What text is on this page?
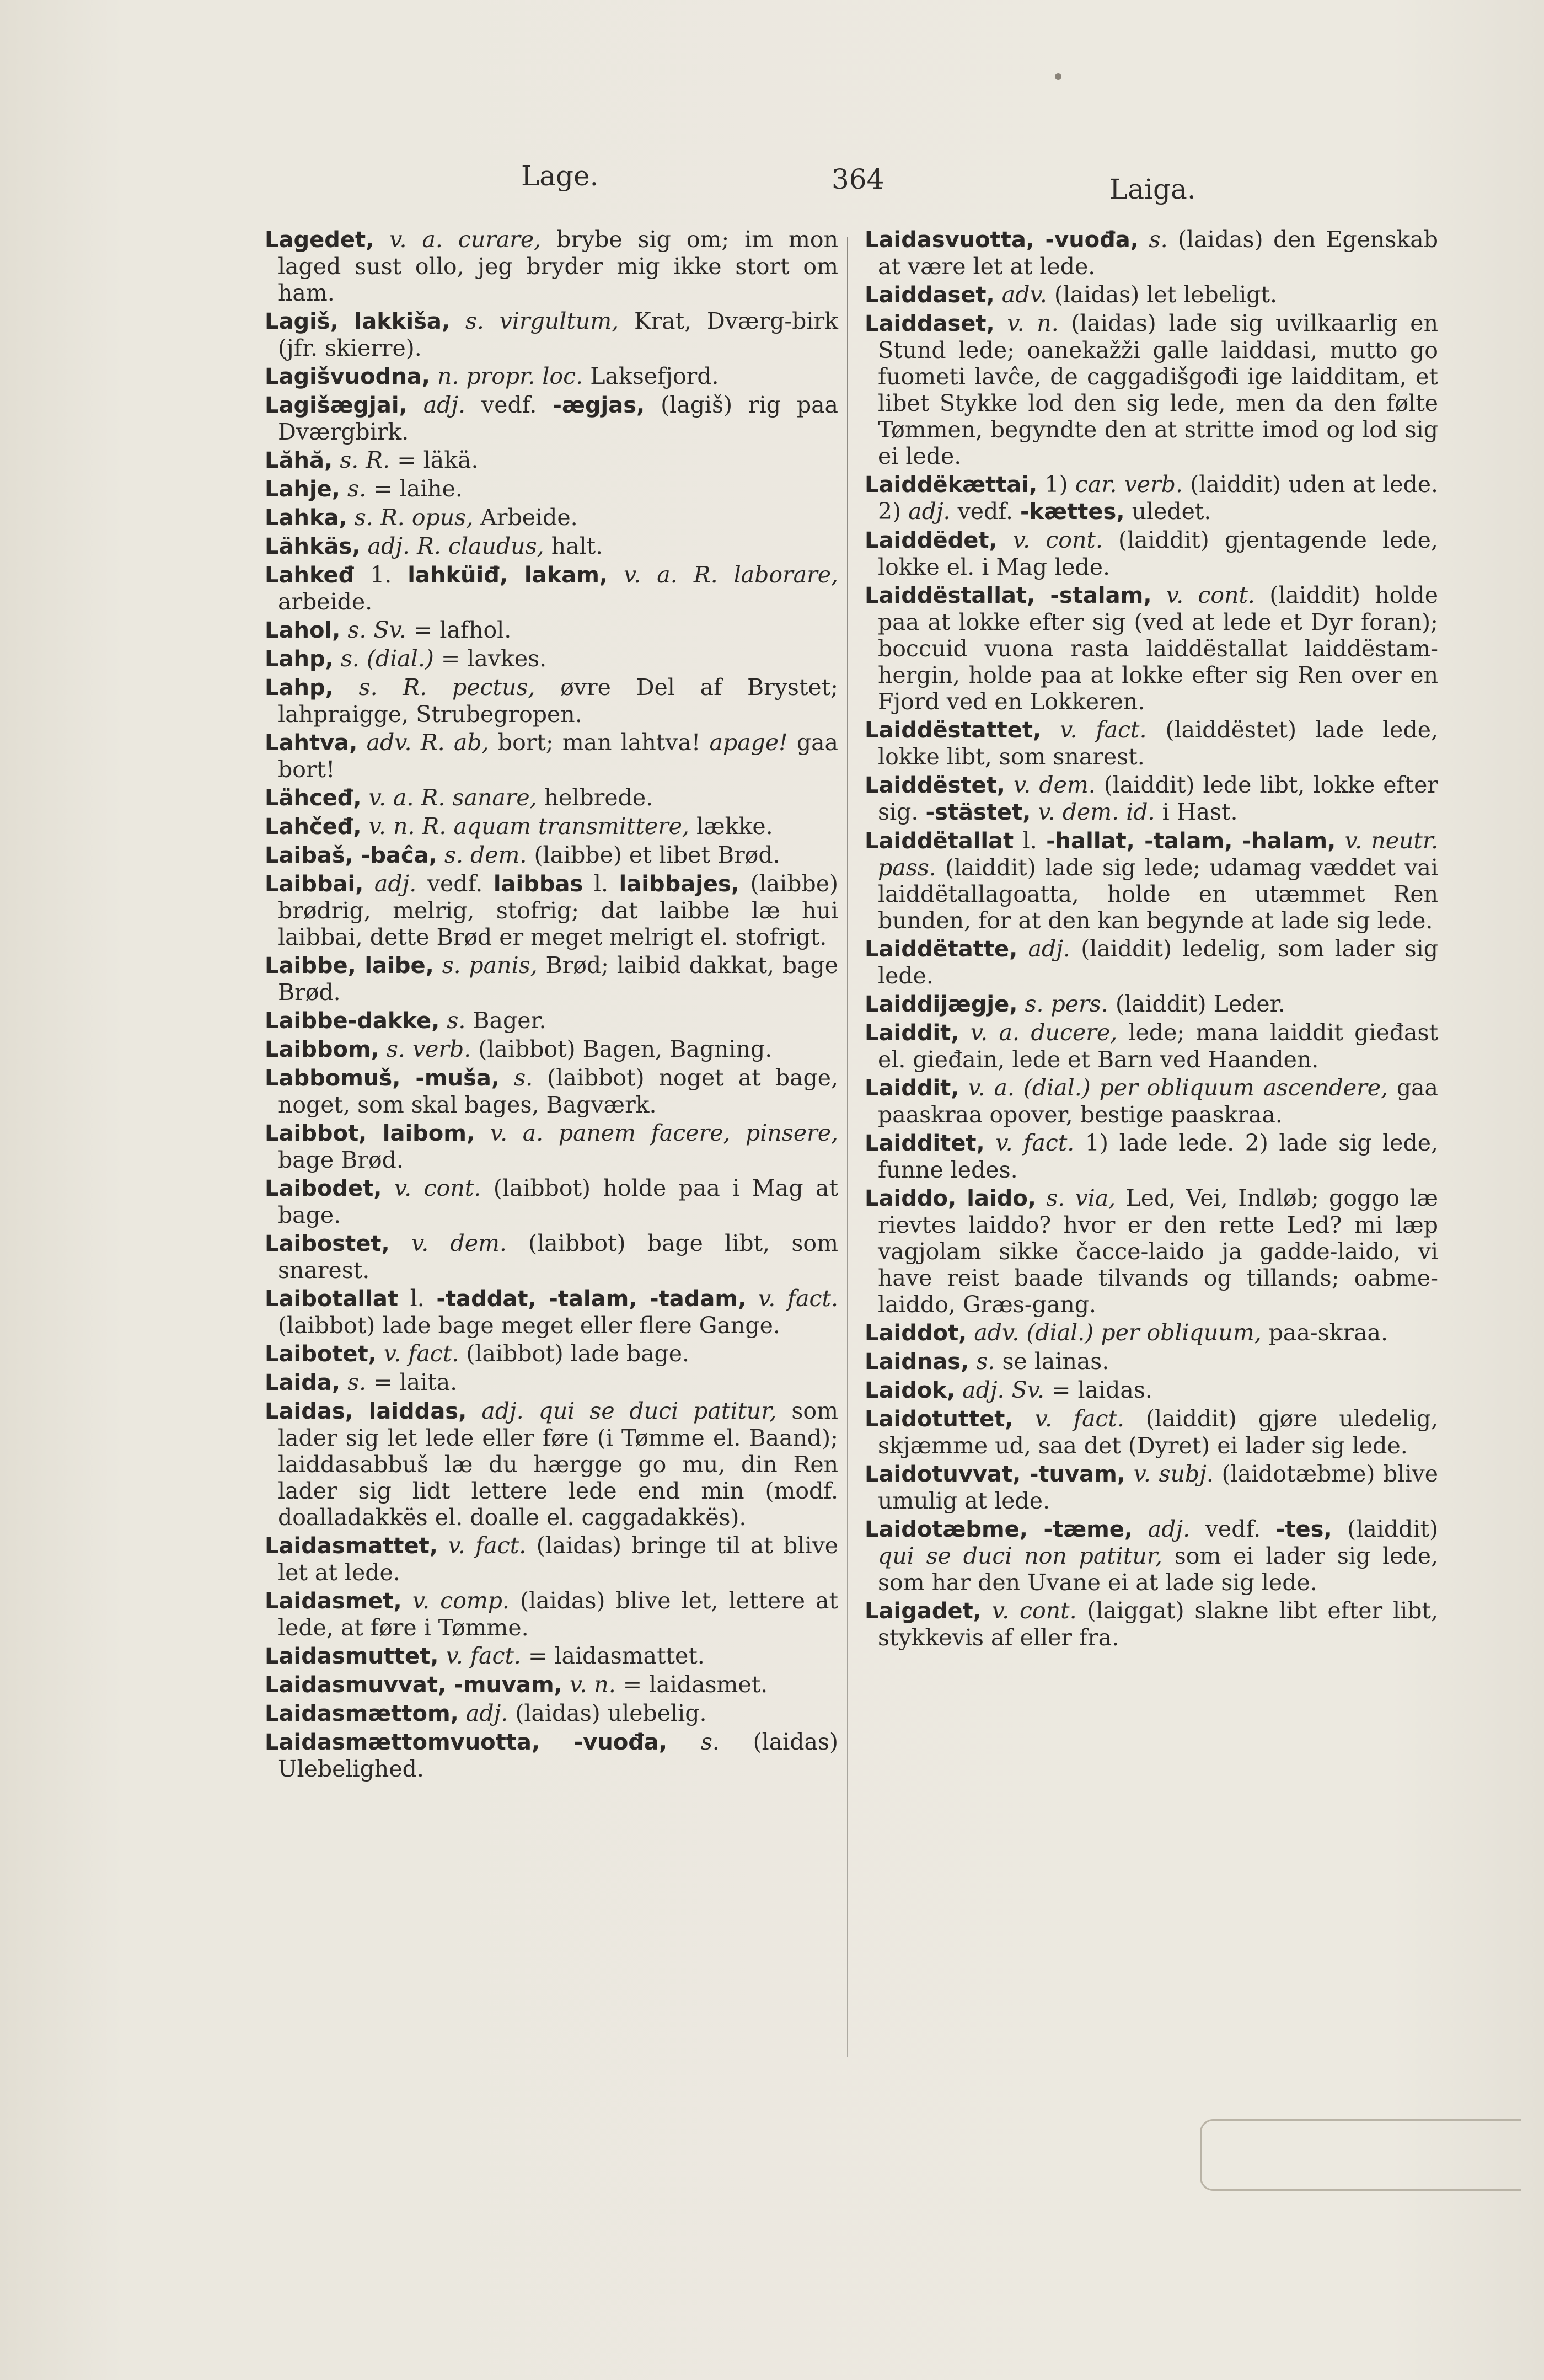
Lage.	364	Laiga.

Lagedet, v. a. curare, brybe sig om; im mon laged sust ollo, jeg bryder mig ikke stort om ham.

Lagiš, lakkiša, s. virgultum, Krat, Dværg-birk (jfr. skierre).

Lagišvuodna, n. propr. loc. Laksefjord.

Lagišægjai, adj. vedf. -ægjas, (lagiš) rig paa Dværgbirk.

Lăhă, s. R. = läkä.

Lahje, s. = laihe.

Lahka, s. R. opus, Arbeide.

Lähkäs, adj. R. claudus, halt.

Lahkeđ 1. lahküiđ, lakam, v. a. R. laborare, arbeide.

Lahol, s. Sv. = lafhol.

Lahp, s. (dial.) = lavkes.

Lahp, s. R. pectus, øvre Del af Brystet; lahpraigge, Strubegropen.

Lahtva, adv. R. ab, bort; man lahtva! apage! gaa bort!

Lähceđ, v. a. R. sanare, helbrede.

Lahčeđ, v. n. R. aquam transmittere, lække.

Laibaš, -baĉa, s. dem. (laibbe) et libet Brød.

Laibbai, adj. vedf. laibbas l. laibbajes, (laibbe) brødrig, melrig, stofrig; dat laibbe læ hui laibbai, dette Brød er meget melrigt el. stofrigt.

Laibbe, laibe, s. panis, Brød; laibid dakkat, bage Brød.

Laibbe-dakke, s. Bager.

Laibbom, s. verb. (laibbot) Bagen, Bagning.

Labbomuš, -muša, s. (laibbot) noget at bage, noget, som skal bages, Bagværk.

Laibbot, laibom, v. a. panem facere, pinsere, bage Brød.

Laibodet, v. cont. (laibbot) holde paa i Mag at bage.

Laibostet, v. dem. (laibbot) bage libt, som snarest.

Laibotallat l. -taddat, -talam, -tadam, v. fact. (laibbot) lade bage meget eller flere Gange.

Laibotet, v. fact. (laibbot) lade bage.

Laida, s. = laita.

Laidas, laiddas, adj. qui se duci patitur, som lader sig let lede eller føre (i Tømme el. Baand); laiddasabbuš læ du hærgge go mu, din Ren lader sig lidt lettere lede end min (modf. doalladakkës el. doalle el. caggadakkës).

Laidasmattet, v. fact. (laidas) bringe til at blive let at lede.

Laidasmet, v. comp. (laidas) blive let, lettere at lede, at føre i Tømme.

Laidasmuttet, v. fact. = laidasmattet.

Laidasmuvvat, -muvam, v. n. = laidasmet.

Laidasmættom, adj. (laidas) ulebelig.

Laidasmættomvuotta, -vuođa, s. (laidas) Ulebelighed.

Laidasvuotta, -vuođa, s. (laidas) den Egenskab at være let at lede.

Laiddaset, adv. (laidas) let lebeligt.

Laiddaset, v. n. (laidas) lade sig uvilkaarlig en Stund lede; oanekažži galle laiddasi, mutto go fuometi lavĉe, de caggadišgođi ige laidditam, et libet Stykke lod den sig lede, men da den følte Tømmen, begyndte den at stritte imod og lod sig ei lede.

Laiddëkættai, 1) car. verb. (laiddit) uden at lede. 2) adj. vedf. -kættes, uledet.

Laiddëdet, v. cont. (laiddit) gjentagende lede, lokke el. i Mag lede.

Laiddëstallat, -stalam, v. cont. (laiddit) holde paa at lokke efter sig (ved at lede et Dyr foran); boccuid vuona rasta laiddëstallat laiddëstam-hergin, holde paa at lokke efter sig Ren over en Fjord ved en Lokkeren.

Laiddëstattet, v. fact. (laiddëstet) lade lede, lokke libt, som snarest.

Laiddëstet, v. dem. (laiddit) lede libt, lokke efter sig. -stästet, v. dem. id. i Hast.

Laiddëtallat l. -hallat, -talam, -halam, v. neutr. pass. (laiddit) lade sig lede; udamag væddet vai laiddëtallagoatta, holde en utæmmet Ren bunden, for at den kan begynde at lade sig lede.

Laiddëtatte, adj. (laiddit) ledelig, som lader sig lede.

Laiddijægje, s. pers. (laiddit) Leder.

Laiddit, v. a. ducere, lede; mana laiddit gieđast el. gieđain, lede et Barn ved Haanden.

Laiddit, v. a. (dial.) per obliquum ascendere, gaa paaskraa opover, bestige paaskraa.

Laidditet, v. fact. 1) lade lede. 2) lade sig lede, funne ledes.

Laiddo, laido, s. via, Led, Vei, Indløb; goggo læ rievtes laiddo? hvor er den rette Led? mi læp vagjolam sikke čacce-laido ja gadde-laido, vi have reist baade tilvands og tillands; oabme-laiddo, Græs-gang.

Laiddot, adv. (dial.) per obliquum, paa-skraa.

Laidnas, s. se lainas.

Laidok, adj. Sv. = laidas.

Laidotuttet, v. fact. (laiddit) gjøre uledelig, skjæmme ud, saa det (Dyret) ei lader sig lede.

Laidotuvvat, -tuvam, v. subj. (laidotæbme) blive umulig at lede.

Laidotæbme, -tæme, adj. vedf. -tes, (laiddit) qui se duci non patitur, som ei lader sig lede, som har den Uvane ei at lade sig lede.

Laigadet, v. cont. (laiggat) slakne libt efter libt, stykkevis af eller fra.
